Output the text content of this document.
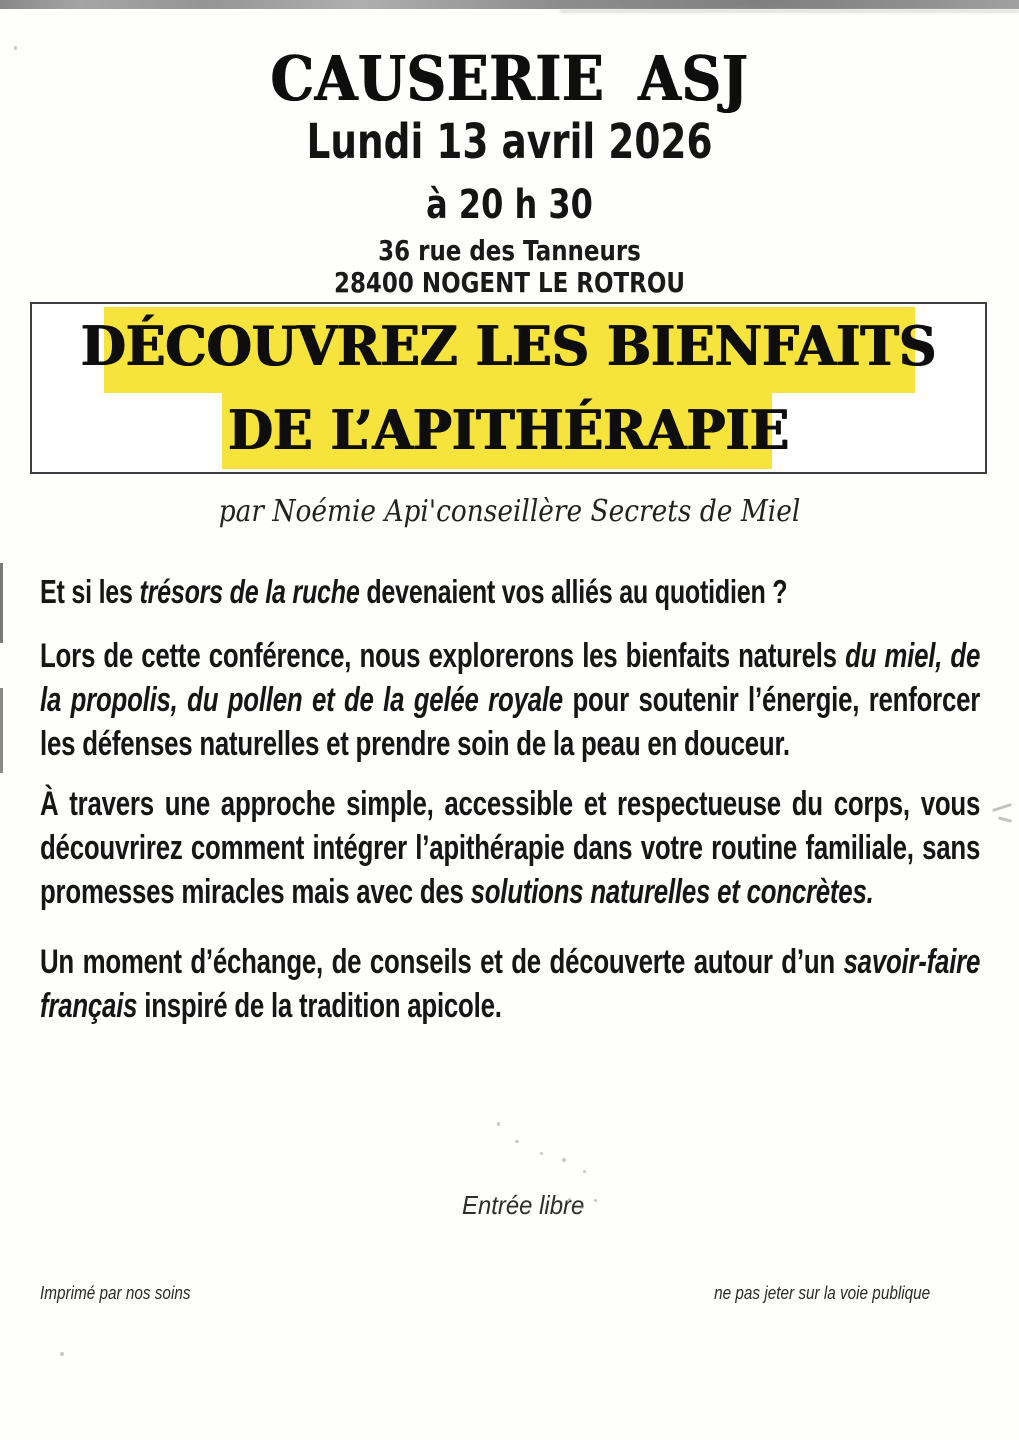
CAUSERIE ASJ
Lundi 13 avril 2026
à 20 h 30
36 rue des Tanneurs
28400 NOGENT LE ROTROU
DÉCOUVREZ LES BIENFAITS
DE L’APITHÉRAPIE
par Noémie Api'conseillère Secrets de Miel

Et si les trésors de la ruche devenaient vos alliés au quotidien ?

Lors de cette conférence, nous explorerons les bienfaits naturels du miel, de la propolis, du pollen et de la gelée royale pour soutenir l’énergie, renforcer les défenses naturelles et prendre soin de la peau en douceur.

À travers une approche simple, accessible et respectueuse du corps, vous découvrirez comment intégrer l’apithérapie dans votre routine familiale, sans promesses miracles mais avec des solutions naturelles et concrètes.

Un moment d’échange, de conseils et de découverte autour d’un savoir-faire français inspiré de la tradition apicole.

Entrée libre
Imprimé par nos soins	ne pas jeter sur la voie publique
